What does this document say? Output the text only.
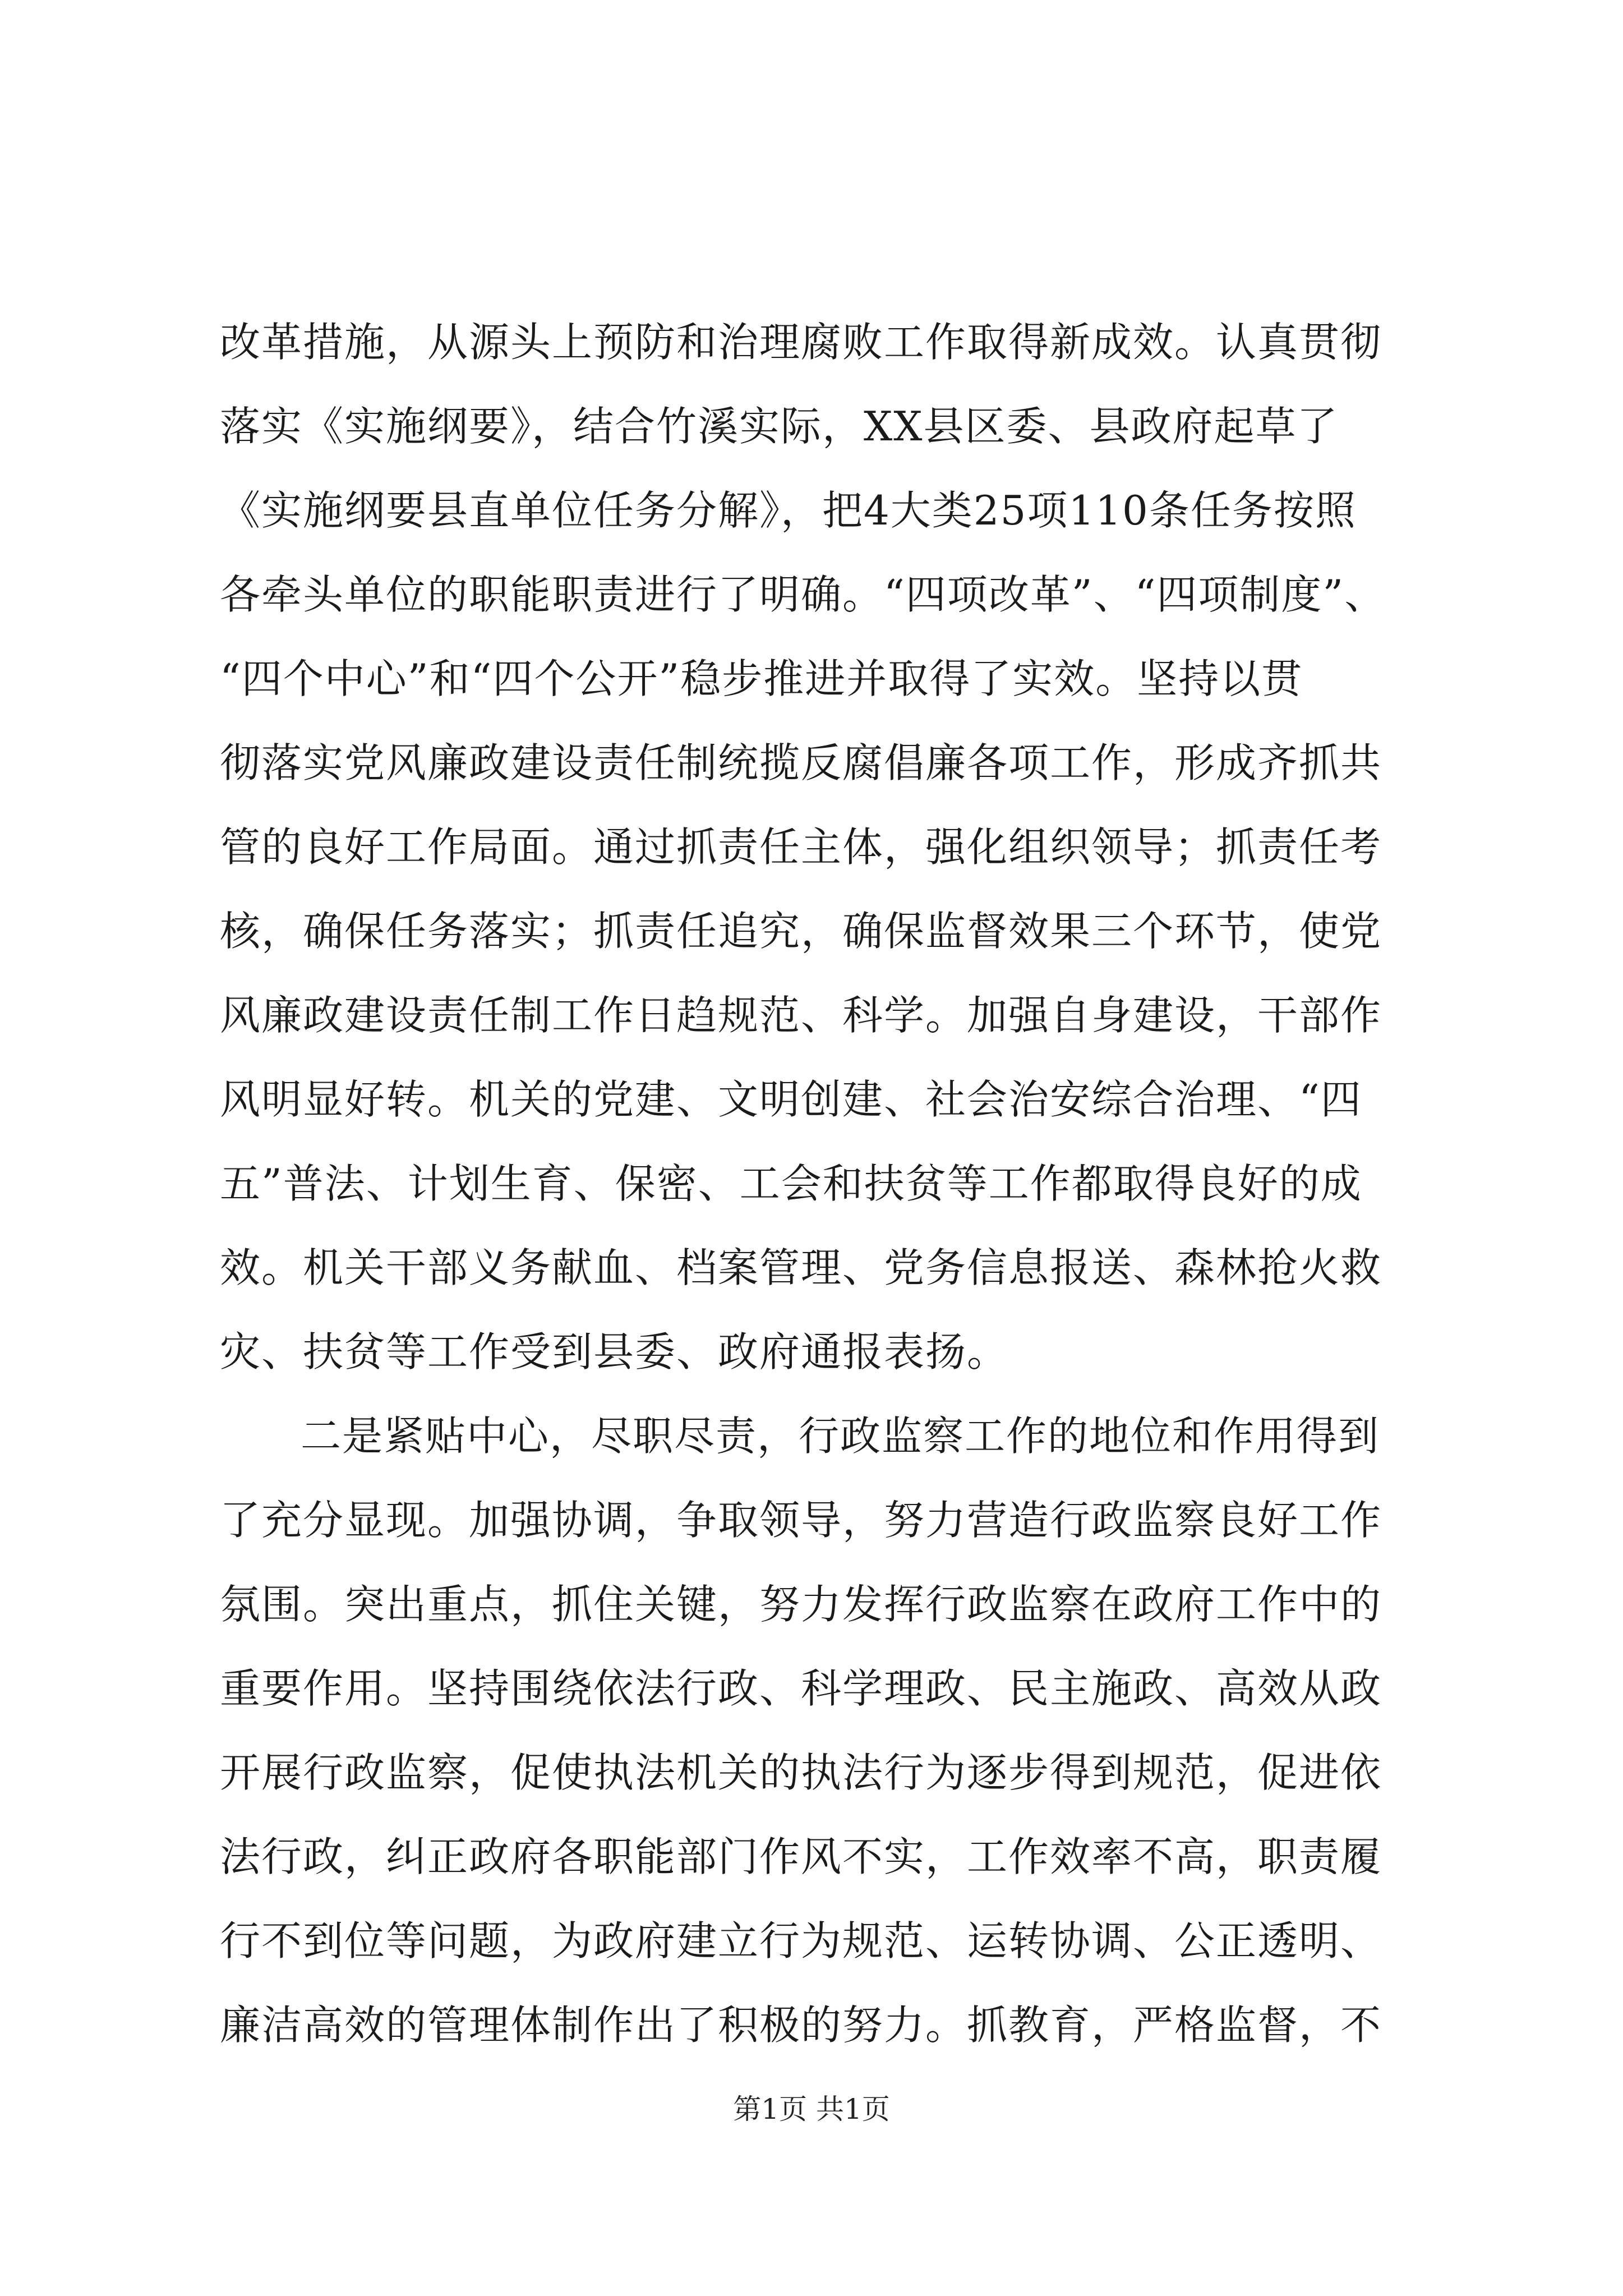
改革措施，从源头上预防和治理腐败工作取得新成效。认真贯彻
落实《实施纲要》，结合竹溪实际，XX县区委、县政府起草了
《实施纲要县直单位任务分解》，把4大类25项110条任务按照
各牵头单位的职能职责进行了明确。“四项改革”、“四项制度”、
“四个中心”和“四个公开”稳步推进并取得了实效。坚持以贯
彻落实党风廉政建设责任制统揽反腐倡廉各项工作，形成齐抓共
管的良好工作局面。通过抓责任主体，强化组织领导；抓责任考
核，确保任务落实；抓责任追究，确保监督效果三个环节，使党
风廉政建设责任制工作日趋规范、科学。加强自身建设，干部作
风明显好转。机关的党建、文明创建、社会治安综合治理、“四
五”普法、计划生育、保密、工会和扶贫等工作都取得良好的成
效。机关干部义务献血、档案管理、党务信息报送、森林抢火救
灾、扶贫等工作受到县委、政府通报表扬。
二是紧贴中心，尽职尽责，行政监察工作的地位和作用得到
了充分显现。加强协调，争取领导，努力营造行政监察良好工作
氛围。突出重点，抓住关键，努力发挥行政监察在政府工作中的
重要作用。坚持围绕依法行政、科学理政、民主施政、高效从政
开展行政监察，促使执法机关的执法行为逐步得到规范，促进依
法行政，纠正政府各职能部门作风不实，工作效率不高，职责履
行不到位等问题，为政府建立行为规范、运转协调、公正透明、
廉洁高效的管理体制作出了积极的努力。抓教育，严格监督，不
第1页 共1页
